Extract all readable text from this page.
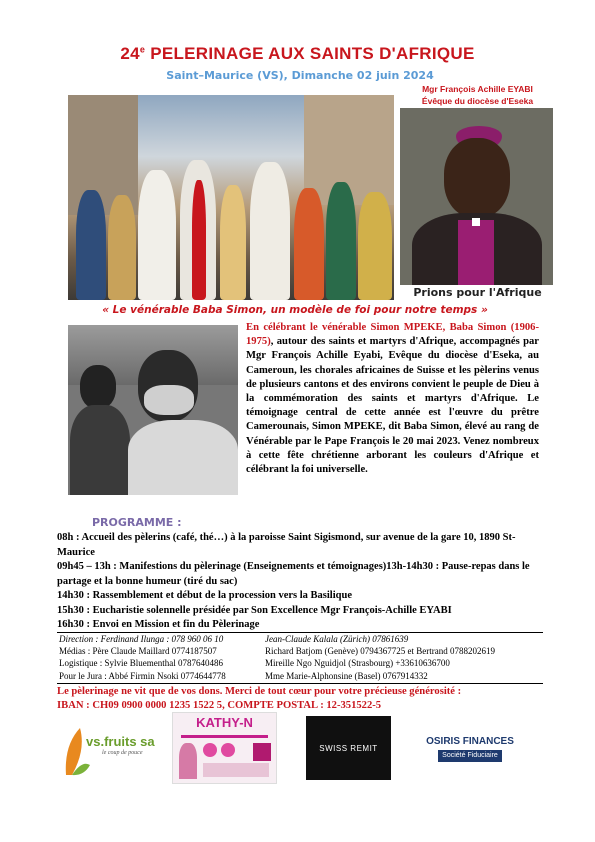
24e PELERINAGE AUX SAINTS D'AFRIQUE
Saint–Maurice (VS), Dimanche 02 juin 2024
Mgr François Achille EYABI
Évêque du diocèse d'Eseka
Prions pour l'Afrique
« Le vénérable Baba Simon, un modèle de foi pour notre temps »
En célébrant le vénérable Simon MPEKE, Baba Simon (1906-1975), autour des saints et martyrs d'Afrique, accompagnés par Mgr François Achille Eyabi, Evêque du diocèse d'Eseka, au Cameroun, les chorales africaines de Suisse et les pèlerins venus de plusieurs cantons et des environs convient le peuple de Dieu à la commémoration des saints et martyrs d'Afrique. Le témoignage central de cette année est l'œuvre du prêtre Camerounais, Simon MPEKE, dit Baba Simon, élevé au rang de Vénérable par le Pape François le 20 mai 2023. Venez nombreux à cette fête chrétienne arborant les couleurs d'Afrique et célébrant la foi universelle.
PROGRAMME :
08h : Accueil des pèlerins (café, thé…) à la paroisse Saint Sigismond, sur avenue de la gare 10, 1890 St-Maurice
09h45 – 13h : Manifestions du pèlerinage (Enseignements et témoignages)13h-14h30 : Pause-repas dans le partage et la bonne humeur (tiré du sac)
14h30 : Rassemblement et début de la procession vers la Basilique
15h30 : Eucharistie solennelle présidée par Son Excellence Mgr François-Achille EYABI
16h30 : Envoi en Mission et fin du Pèlerinage
Direction : Ferdinand Ilunga : 078 960 06 10	Jean-Claude Kalala (Zürich) 07861639
Médias : Père Claude Maillard 0774187507	Richard Batjom (Genève) 0794367725 et Bertrand 0788202619
Logistique : Sylvie Bluementhal 0787640486	Mireille Ngo Nguidjol (Strasbourg) +33610636700
Pour le Jura : Abbé Firmin Nsoki 0774644778	Mme Marie-Alphonsine (Basel) 0767914332
Le pèlerinage ne vit que de vos dons. Merci de tout cœur pour votre précieuse générosité :
IBAN : CH09 0900 0000 1235 1522 5, COMPTE POSTAL : 12-351522-5
vs.fruits sa
le coup de pouce
KATHY-N
SWISS REMIT
OSIRIS FINANCES
Société Fiduciaire
